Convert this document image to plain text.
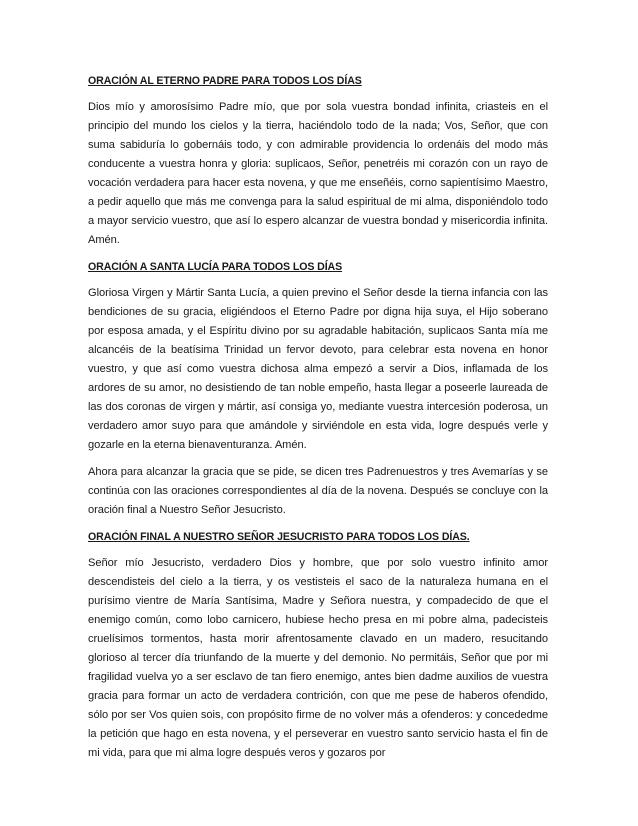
ORACIÓN AL ETERNO PADRE PARA TODOS LOS DÍAS

Dios mío y amorosísimo Padre mío, que por sola vuestra bondad infinita, criasteis en el principio del mundo los cielos y la tierra, haciéndolo todo de la nada; Vos, Señor, que con suma sabiduría lo gobernáis todo, y con admirable providencia lo ordenáis del modo más conducente a vuestra honra y gloria: suplicaos, Señor, penetréis mi corazón con un rayo de vocación verdadera para hacer esta novena, y que me enseñéis, corno sapientísimo Maestro, a pedir aquello que más me convenga para la salud espiritual de mi alma, disponiéndolo todo a mayor servicio vuestro, que así lo espero alcanzar de vuestra bondad y misericordia infinita. Amén.

ORACIÓN A SANTA LUCÍA PARA TODOS LOS DÍAS

Gloriosa Virgen y Mártir Santa Lucía, a quien previno el Señor desde la tierna infancia con las bendiciones de su gracia, eligiéndoos el Eterno Padre por digna hija suya, el Hijo soberano por esposa amada, y el Espíritu divino por su agradable habitación, suplicaos Santa mía me alcancéis de la beatísima Trinidad un fervor devoto, para celebrar esta novena en honor vuestro, y que así como vuestra dichosa alma empezó a servir a Dios, inflamada de los ardores de su amor, no desistiendo de tan noble empeño, hasta llegar a poseerle laureada de las dos coronas de virgen y mártir, así consiga yo, mediante vuestra intercesión poderosa, un verdadero amor suyo para que amándole y sirviéndole en esta vida, logre después verle y gozarle en la eterna bienaventuranza. Amén.

Ahora para alcanzar la gracia que se pide, se dicen tres Padrenuestros y tres Avemarías y se continúa con las oraciones correspondientes al día de la novena. Después se concluye con la oración final a Nuestro Señor Jesucristo.

ORACIÓN FINAL A NUESTRO SEÑOR JESUCRISTO PARA TODOS LOS DÍAS.

Señor mío Jesucristo, verdadero Dios y hombre, que por solo vuestro infinito amor descendisteis del cielo a la tierra, y os vestisteis el saco de la naturaleza humana en el purísimo vientre de María Santísima, Madre y Señora nuestra, y compadecido de que el enemigo común, como lobo carnicero, hubiese hecho presa en mi pobre alma, padecisteis cruelísimos tormentos, hasta morir afrentosamente clavado en un madero, resucitando glorioso al tercer día triunfando de la muerte y del demonio. No permitáis, Señor que por mi fragilidad vuelva yo a ser esclavo de tan fiero enemigo, antes bien dadme auxilios de vuestra gracia para formar un acto de verdadera contrición, con que me pese de haberos ofendido, sólo por ser Vos quien sois, con propósito firme de no volver más a ofenderos: y concededme la petición que hago en esta novena, y el perseverar en vuestro santo servicio hasta el fin de mi vida, para que mi alma logre después veros y gozaros por
